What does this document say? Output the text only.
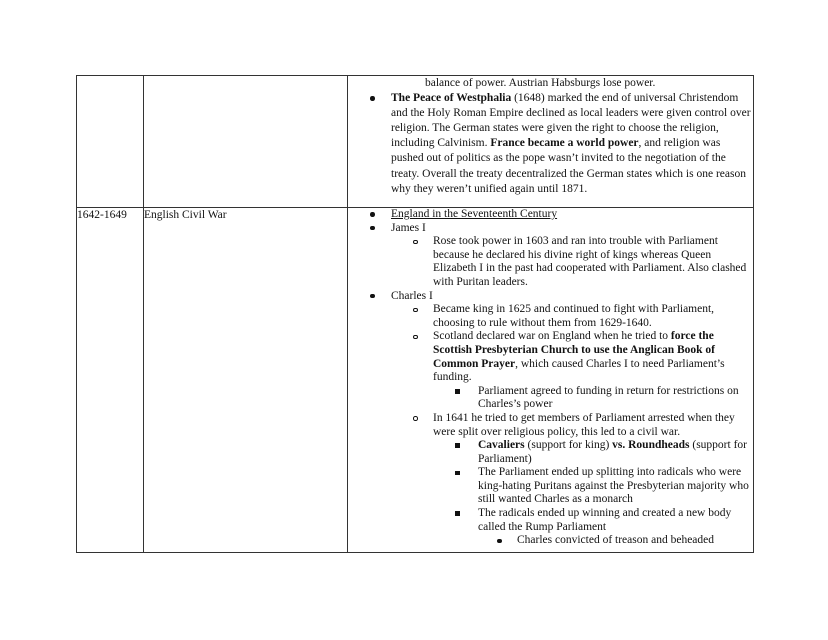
		balance of power. Austrian Habsburgs lose power.
The Peace of Westphalia (1648) marked the end of universal Christendom and the Holy Roman Empire declined as local leaders were given control over religion. The German states were given the right to choose the religion, including Calvinism. France became a world power, and religion was pushed out of politics as the pope wasn’t invited to the negotiation of the treaty. Overall the treaty decentralized the German states which is one reason why they weren’t unified again until 1871.

1642-1649	English Civil War	England in the Seventeenth Century
James I
Rose took power in 1603 and ran into trouble with Parliament because he declared his divine right of kings whereas Queen Elizabeth I in the past had cooperated with Parliament. Also clashed with Puritan leaders.
Charles I
Became king in 1625 and continued to fight with Parliament, choosing to rule without them from 1629-1640.
Scotland declared war on England when he tried to force the Scottish Presbyterian Church to use the Anglican Book of Common Prayer, which caused Charles I to need Parliament’s funding.
Parliament agreed to funding in return for restrictions on Charles’s power
In 1641 he tried to get members of Parliament arrested when they were split over religious policy, this led to a civil war.
Cavaliers (support for king) vs. Roundheads (support for Parliament)
The Parliament ended up splitting into radicals who were king-hating Puritans against the Presbyterian majority who still wanted Charles as a monarch
The radicals ended up winning and created a new body called the Rump Parliament
Charles convicted of treason and beheaded
